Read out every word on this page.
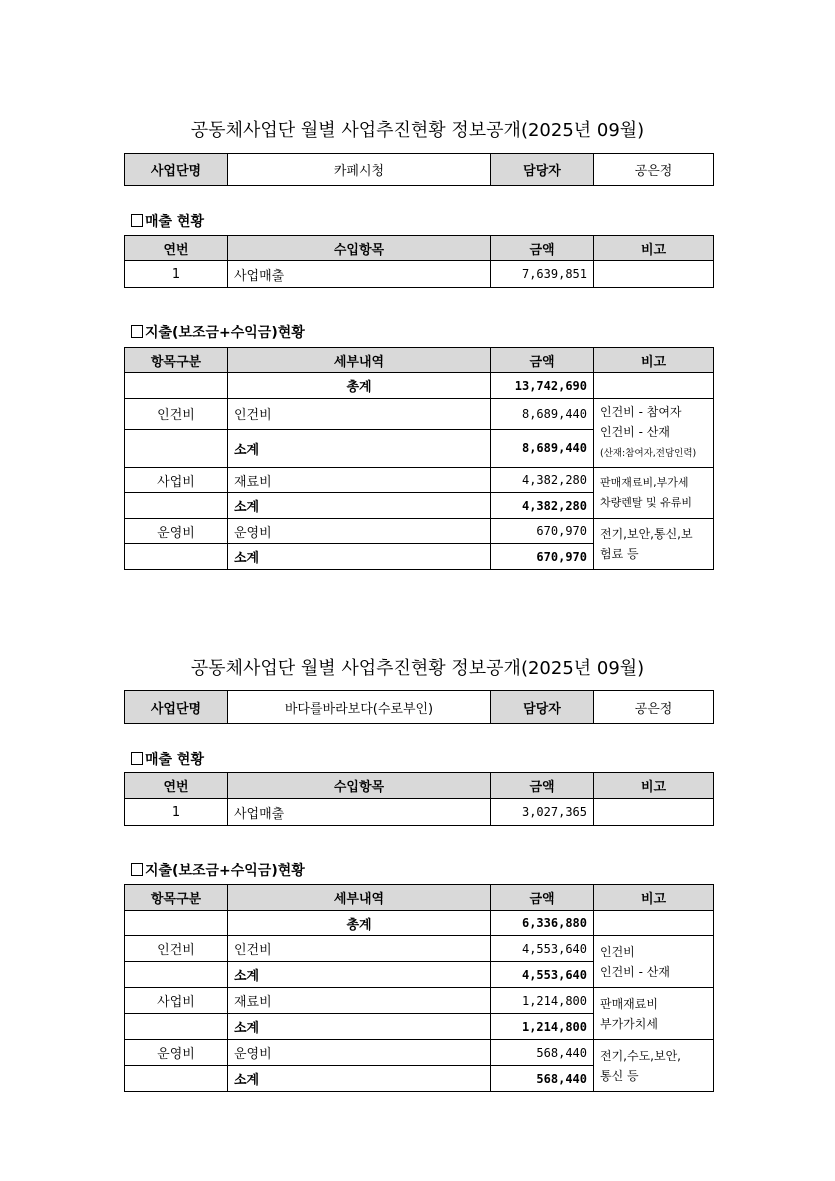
공동체사업단 월별 사업추진현황 정보공개(2025년 09월)
사업단명	카페시청	담당자	공은정
매출 현황
연번	수입항목	금액	비고
1	사업매출	7,639,851	
지출(보조금+수익금)현황
항목구분	세부내역	금액	비고
	총계	13,742,690	
인건비	인건비	8,689,440	인건비 - 참여자
인건비 - 산재
(산재:참여자,전담인력)

	소계	8,689,440	
사업비	재료비	4,382,280	판매재료비,부가세
차량렌탈 및 유류비

	소계	4,382,280	
운영비	운영비	670,970	전기,보안,통신,보
험료 등

	소계	670,970	
공동체사업단 월별 사업추진현황 정보공개(2025년 09월)
사업단명	바다를바라보다(수로부인)	담당자	공은정
매출 현황
연번	수입항목	금액	비고
1	사업매출	3,027,365	
지출(보조금+수익금)현황
항목구분	세부내역	금액	비고
	총계	6,336,880	
인건비	인건비	4,553,640	인건비
인건비 - 산재

	소계	4,553,640	
사업비	재료비	1,214,800	판매재료비
부가가치세

	소계	1,214,800	
운영비	운영비	568,440	전기,수도,보안,
통신 등

	소계	568,440	
